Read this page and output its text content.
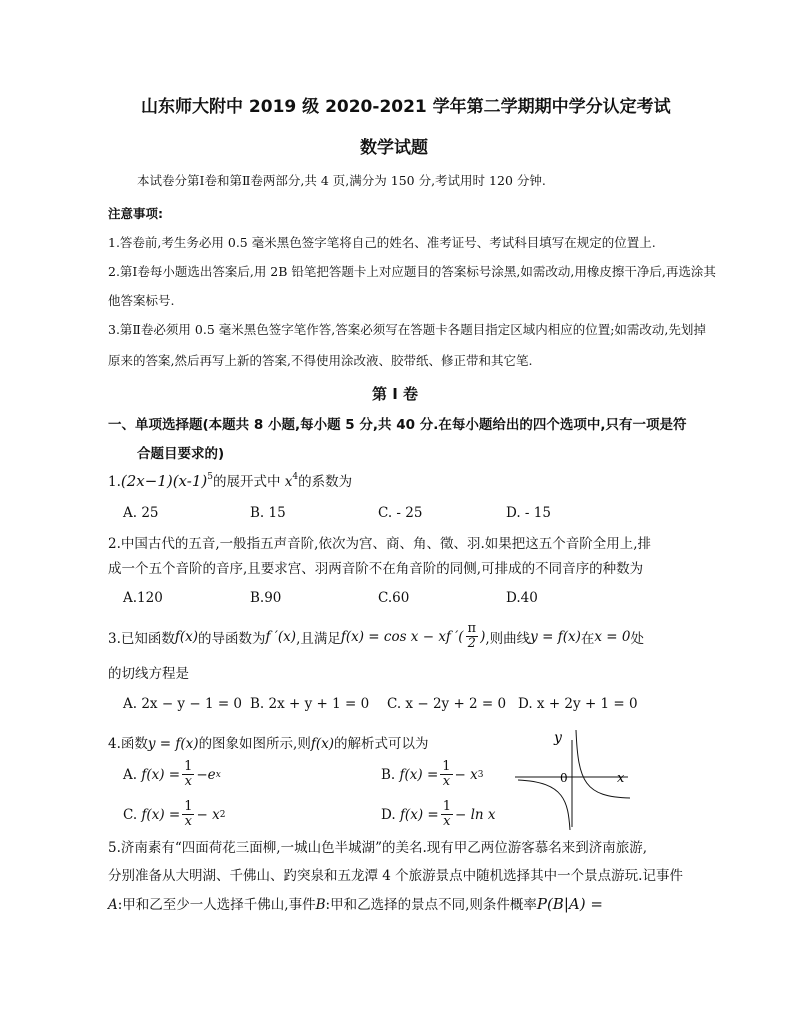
山东师大附中 2019 级 2020-2021 学年第二学期期中学分认定考试
数学试题
本试卷分第Ⅰ卷和第Ⅱ卷两部分,共 4 页,满分为 150 分,考试用时 120 分钟.
注意事项:
1.答卷前,考生务必用 0.5 毫米黑色签字笔将自己的姓名、准考证号、考试科目填写在规定的位置上.
2.第Ⅰ卷每小题选出答案后,用 2B 铅笔把答题卡上对应题目的答案标号涂黑,如需改动,用橡皮擦干净后,再选涂其
他答案标号.
3.第Ⅱ卷必须用 0.5 毫米黑色签字笔作答,答案必须写在答题卡各题目指定区域内相应的位置;如需改动,先划掉
原来的答案,然后再写上新的答案,不得使用涂改液、胶带纸、修正带和其它笔.
第 I 卷
一、单项选择题(本题共 8 小题,每小题 5 分,共 40 分.在每小题给出的四个选项中,只有一项是符
合题目要求的)
$1.(2x-1)(x-1)^5$的展开式中 $x^4$的系数为
A. 25	B. 15	C. - 25	D. - 15
2.中国古代的五音,一般指五声音阶,依次为宫、商、角、徵、羽.如果把这五个音阶全用上,排
成一个五个音阶的音序,且要求宫、羽两音阶不在角音阶的同侧,可排成的不同音序的种数为
A.120	B.90	C.60	D.40
3.已知函数 f(x) 的导函数为 f ′(x) ,且满足 f(x) = cos x − xf ′( $\frac{\pi}{2}$ ) ,则曲线 y = f(x) 在 x = 0 处
的切线方程是
A. 2x − y − 1 = 0 B. 2x + y + 1 = 0 C. x − 2y + 2 = 0 D. x + 2y + 1 = 0
4.函数y = f(x)的图象如图所示,则f(x)的解析式可以为
A.
$f(x) = \frac{1}{x} -e$ x	B.
$f(x) = \frac{1}{x} - x$ 3
C.
$f(x) = \frac{1}{x} - x$ 2	D.
$f(x) = \frac{1}{x} - \ln x$
y
0	x
5.济南素有“四面荷花三面柳,一城山色半城湖”的美名.现有甲乙两位游客慕名来到济南旅游,
分别准备从大明湖、千佛山、趵突泉和五龙潭 4 个旅游景点中随机选择其中一个景点游玩.记事件
A:甲和乙至少一人选择千佛山,事件B:甲和乙选择的景点不同,则条件概率P(B|A) =
